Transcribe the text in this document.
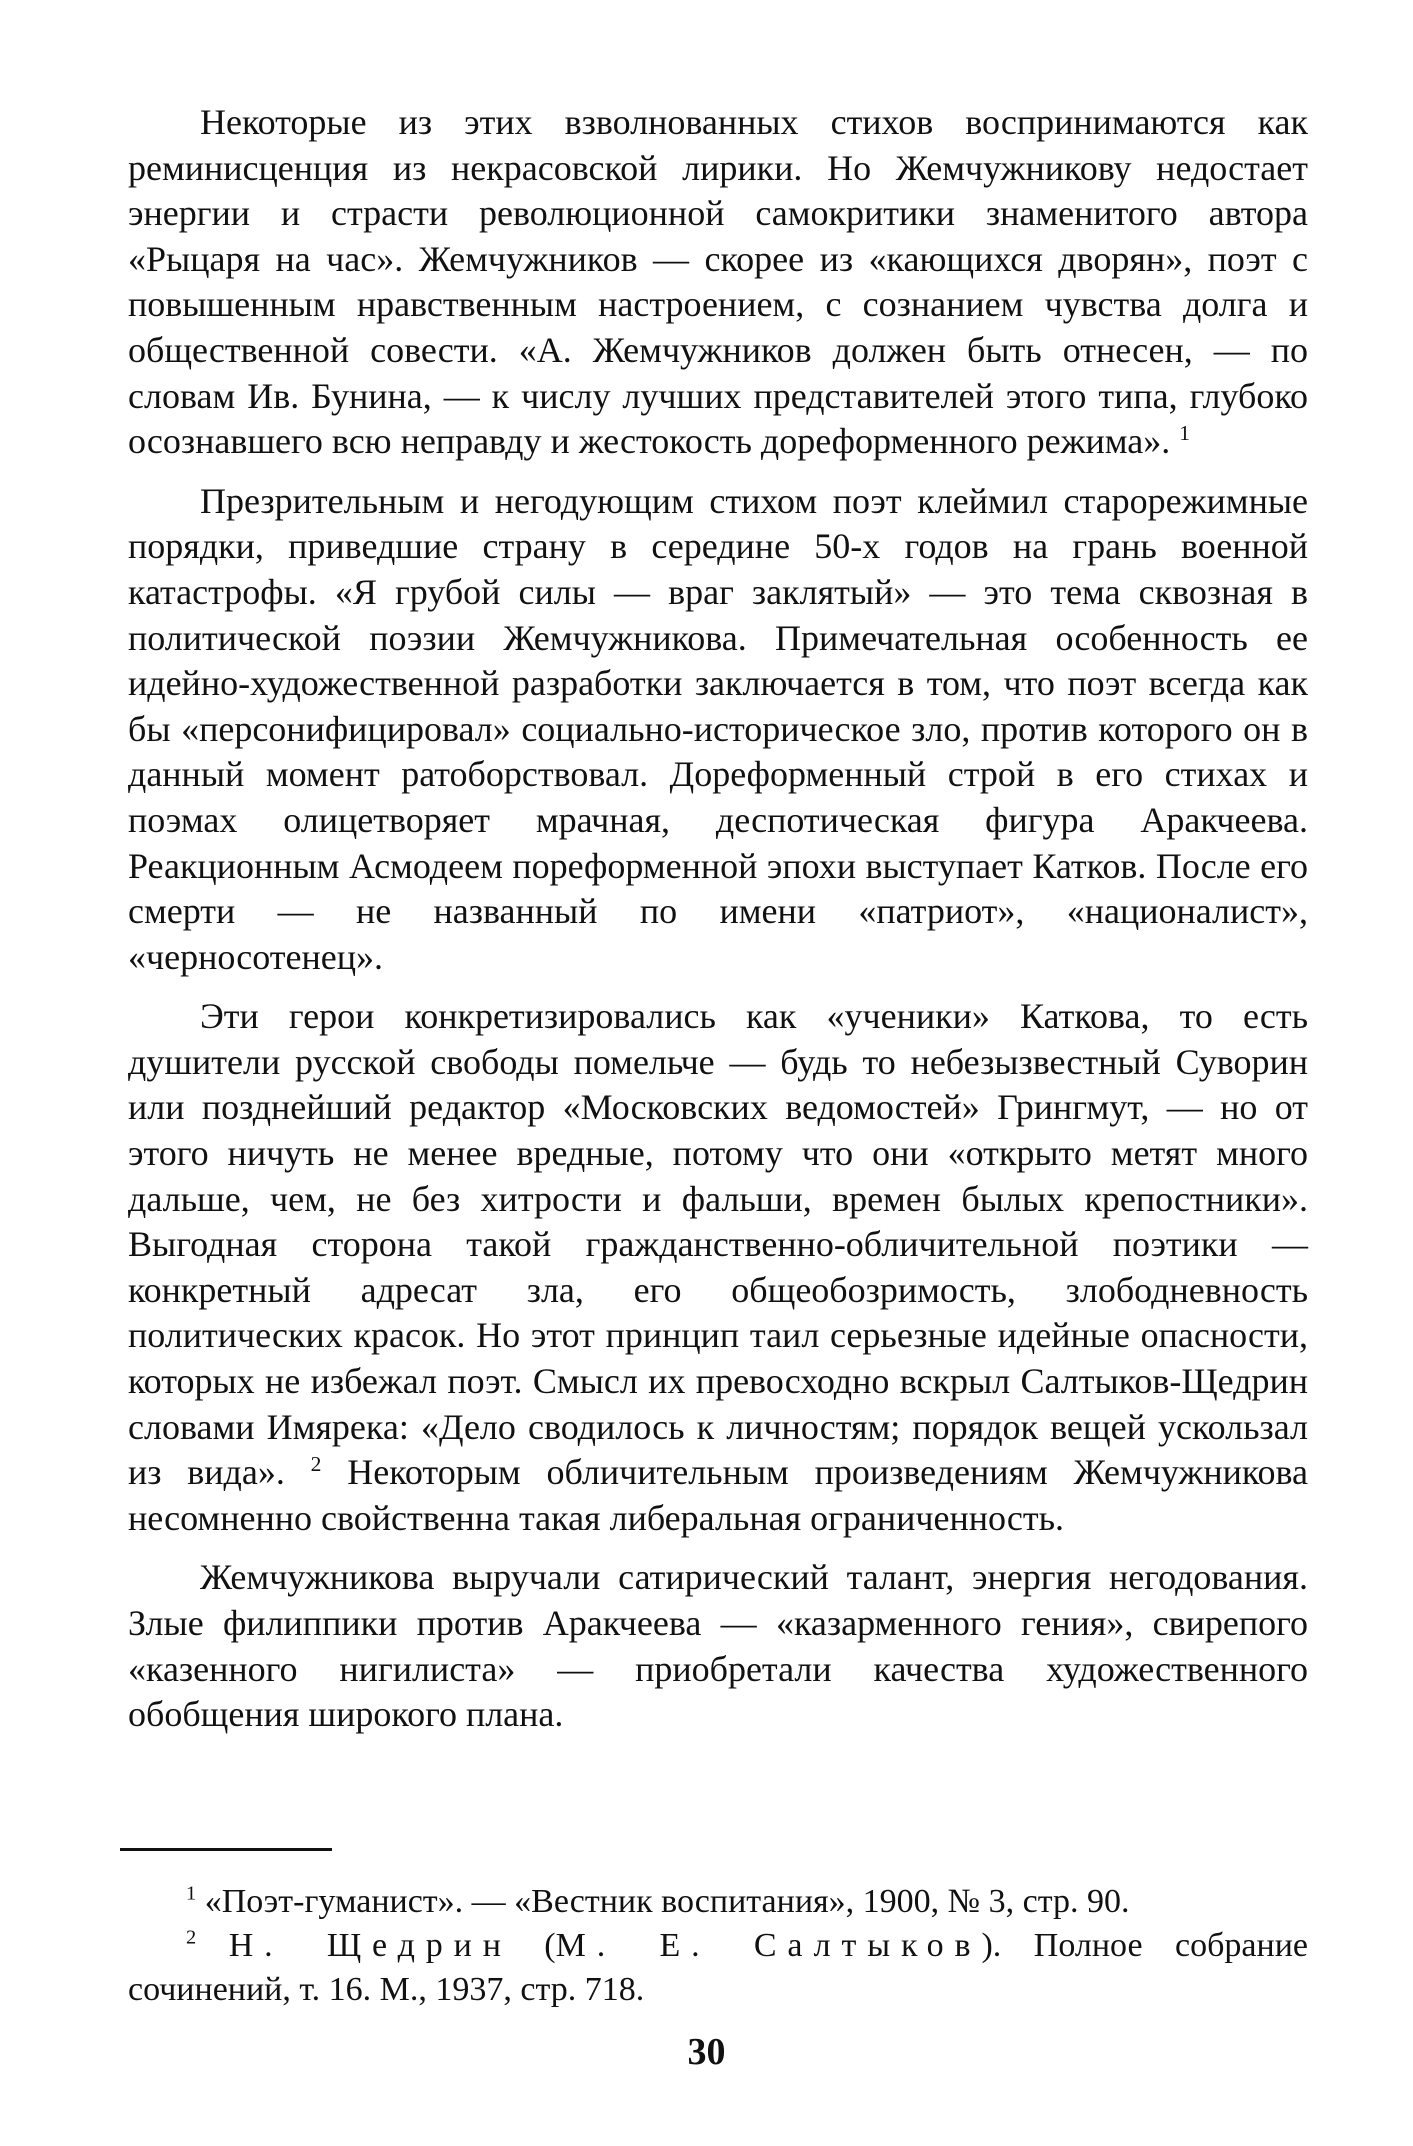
Некоторые из этих взволнованных стихов воспринимаются как реминисценция из некрасовской лирики. Но Жемчужникову недостает энергии и страсти революционной самокритики знаменитого автора «Рыцаря на час». Жемчужников — скорее из «кающихся дворян», поэт с повышенным нравственным настроением, с сознанием чувства долга и общественной совести. «А. Жемчужников должен быть отнесен, — по словам Ив. Бунина, — к числу лучших представителей этого типа, глубоко осознавшего всю неправду и жестокость дореформенного режима». $^1$

Презрительным и негодующим стихом поэт клеймил старорежимные порядки, приведшие страну в середине 50-х годов на грань военной катастрофы. «Я грубой силы — враг заклятый» — это тема сквозная в политической поэзии Жемчужникова. Примечательная особенность ее идейно-художественной разработки заключается в том, что поэт всегда как бы «персонифицировал» социально-историческое зло, против которого он в данный момент ратоборствовал. Дореформенный строй в его стихах и поэмах олицетворяет мрачная, деспотическая фигура Аракчеева. Реакционным Асмодеем пореформенной эпохи выступает Катков. После его смерти — не названный по имени «патриот», «националист», «черносотенец».

Эти герои конкретизировались как «ученики» Каткова, то есть душители русской свободы помельче — будь то небезызвестный Суворин или позднейший редактор «Московских ведомостей» Грингмут, — но от этого ничуть не менее вредные, потому что они «открыто метят много дальше, чем, не без хитрости и фальши, времен былых крепостники». Выгодная сторона такой гражданственно-обличительной поэтики — конкретный адресат зла, его общеобозримость, злободневность политических красок. Но этот принцип таил серьезные идейные опасности, которых не избежал поэт. Смысл их превосходно вскрыл Салтыков-Щедрин словами Имярека: «Дело сводилось к личностям; порядок вещей ускользал из вида». $^2$ Некоторым обличительным произведениям Жемчужникова несомненно свойственна такая либеральная ограниченность.

Жемчужникова выручали сатирический талант, энергия негодования. Злые филиппики против Аракчеева — «казарменного гения», свирепого «казенного нигилиста» — приобретали качества художественного обобщения широкого плана.

$^1$ «Поэт-гуманист». — «Вестник воспитания», 1900, № 3, стр. 90.

$^2$ Н. Щедрин (М. Е. Салтыков). Полное собрание сочинений, т. 16. М., 1937, стр. 718.

30
